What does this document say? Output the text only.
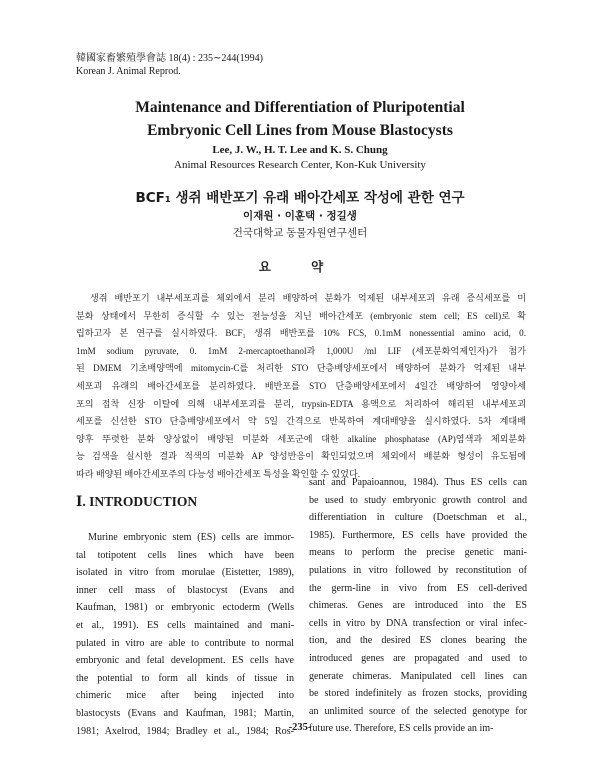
韓國家畜繁殖學會誌 18(4) : 235∼244(1994)
Korean J. Animal Reprod.
Maintenance and Differentiation of Pluripotential
Embryonic Cell Lines from Mouse Blastocysts
Lee, J. W., H. T. Lee and K. S. Chung
Animal Resources Research Center, Kon-Kuk University
BCF₁ 생쥐 배반포기 유래 배아간세포 작성에 관한 연구
이재원 · 이훈택 · 정길생
건국대학교 동물자원연구센터
요 약
생쥐 배반포기 내부세포괴를 체외에서 분리 배양하여 분화가 억제된 내부세포괴 유래 증식세포를 미
분화 상태에서 무한히 증식할 수 있는 전능성을 지닌 배아간세포 (embryonic stem cell; ES cell)로 확
립하고자 본 연구를 실시하였다. BCF₁ 생쥐 배반포를 10% FCS, 0.1mM nonessential amino acid, 0.
1mM sodium pyruvate, 0. 1mM 2-mercaptoethanol과 1,000U /ml LIF (세포분화억제인자)가 첨가
된 DMEM 기초배양액에 mitomycin-C를 처리한 STO 단층배양세포에서 배양하여 분화가 억제된 내부
세포괴 유래의 배아간세포를 분리하였다. 배반포를 STO 단층배양세포에서 4일간 배양하여 영양아세
포의 접착 신장 이탈에 의해 내부세포괴를 분리, trypsin-EDTA 용액으로 처리하여 해리된 내부세포괴
세포를 신선한 STO 단층배양세포에서 약 5일 간격으로 반복하여 계대배양을 실시하였다. 5차 계대배
양후 뚜렷한 분화 양상없이 배양된 미분화 세포군에 대한 alkaline phosphatase (AP)염색과 체외분화
능 검색을 실시한 결과 적색의 미분화 AP 양성반응이 확인되었으며 체외에서 배분화 형성이 유도됨에
따라 배양된 배아간세포주의 다능성 배아간세포 특성을 확인할 수 있었다.
Ⅰ. INTRODUCTION
Murine embryonic stem (ES) cells are immor-
tal totipotent cells lines which have been
isolated in vitro from morulae (Eistetter, 1989),
inner cell mass of blastocyst (Evans and
Kaufman, 1981) or embryonic ectoderm (Wells
et al., 1991). ES cells maintained and mani-
pulated in vitro are able to contribute to normal
embryonic and fetal development. ES cells have
the potential to form all kinds of tissue in
chimeric mice after being injected into
blastocysts (Evans and Kaufman, 1981; Martin,
1981; Axelrod, 1984; Bradley et al., 1984; Ros-
sant and Papaioannou, 1984). Thus ES cells can
be used to study embryonic growth control and
differentiation in culture (Doetschman et al.,
1985). Furthermore, ES cells have provided the
means to perform the precise genetic mani-
pulations in vitro followed by reconstitution of
the germ-line in vivo from ES cell-derived
chimeras. Genes are introduced into the ES
cells in vitro by DNA transfection or viral infec-
tion, and the desired ES clones bearing the
introduced genes are propagated and used to
generate chimeras. Manipulated cell lines can
be stored indefinitely as frozen stocks, providing
an unlimited source of the selected genotype for
future use. Therefore, ES cells provide an im-
-235-
